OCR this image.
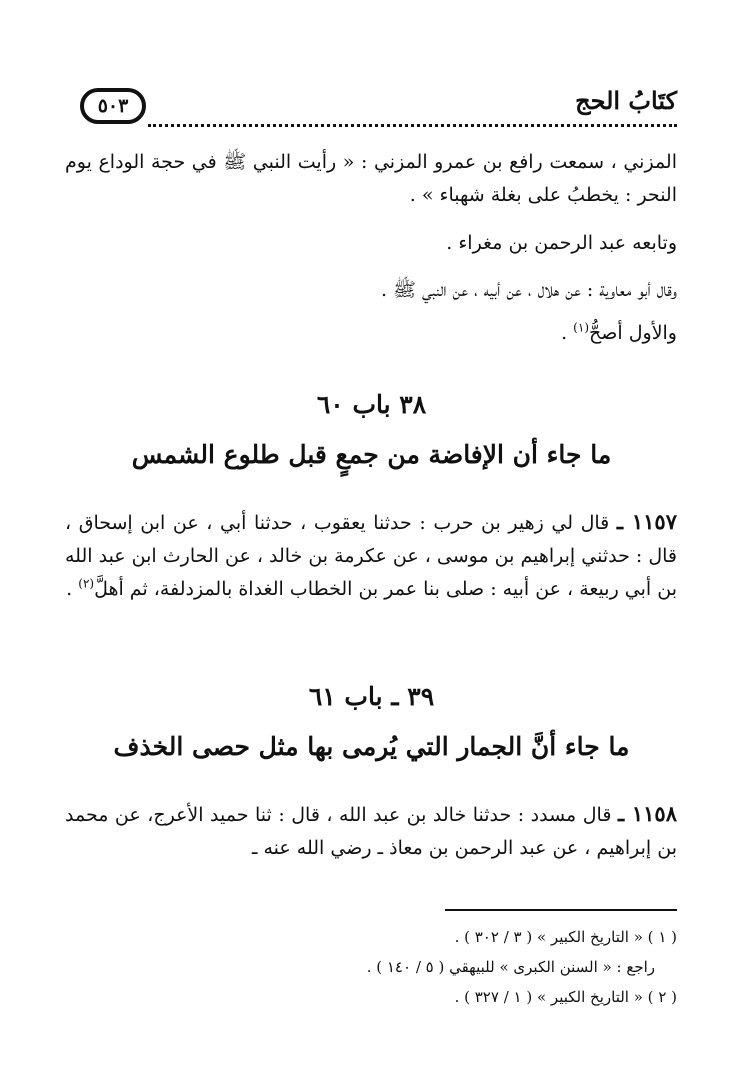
كتَابُ الحج
٥٠٣

المزني ، سمعت رافع بن عمرو المزني : « رأيت النبي ﷺ في حجة الوداع يوم النحر : يخطبُ على بغلة شهباء » .

وتابعه عبد الرحمن بن مغراء .

وقال أبو معاوية : عن هلال ، عن أبيه ، عن النبي ﷺ .

والأول أصحُّ$^{(١)}$ .

٣٨ باب ٦٠
ما جاء أن الإفاضة من جمعٍ قبل طلوع الشمس

١١٥٧ ـ قال لي زهير بن حرب : حدثنا يعقوب ، حدثنا أبي ، عن ابن إسحاق ، قال : حدثني إبراهيم بن موسى ، عن عكرمة بن خالد ، عن الحارث ابن عبد الله بن أبي ربيعة ، عن أبيه : صلى بنا عمر بن الخطاب الغداة بالمزدلفة، ثم أهلَّ$^{(٢)}$ .

٣٩ ـ باب ٦١
ما جاء أنَّ الجمار التي يُرمى بها مثل حصى الخذف

١١٥٨ ـ قال مسدد : حدثنا خالد بن عبد الله ، قال : ثنا حميد الأعرج، عن محمد بن إبراهيم ، عن عبد الرحمن بن معاذ ـ رضي الله عنه ـ

( ١ ) « التاريخ الكبير » ( ٣ / ٣٠٢ ) .

راجع : « السنن الكبرى » للبيهقي ( ٥ / ١٤٠ ) .

( ٢ ) « التاريخ الكبير » ( ١ / ٣٢٧ ) .
